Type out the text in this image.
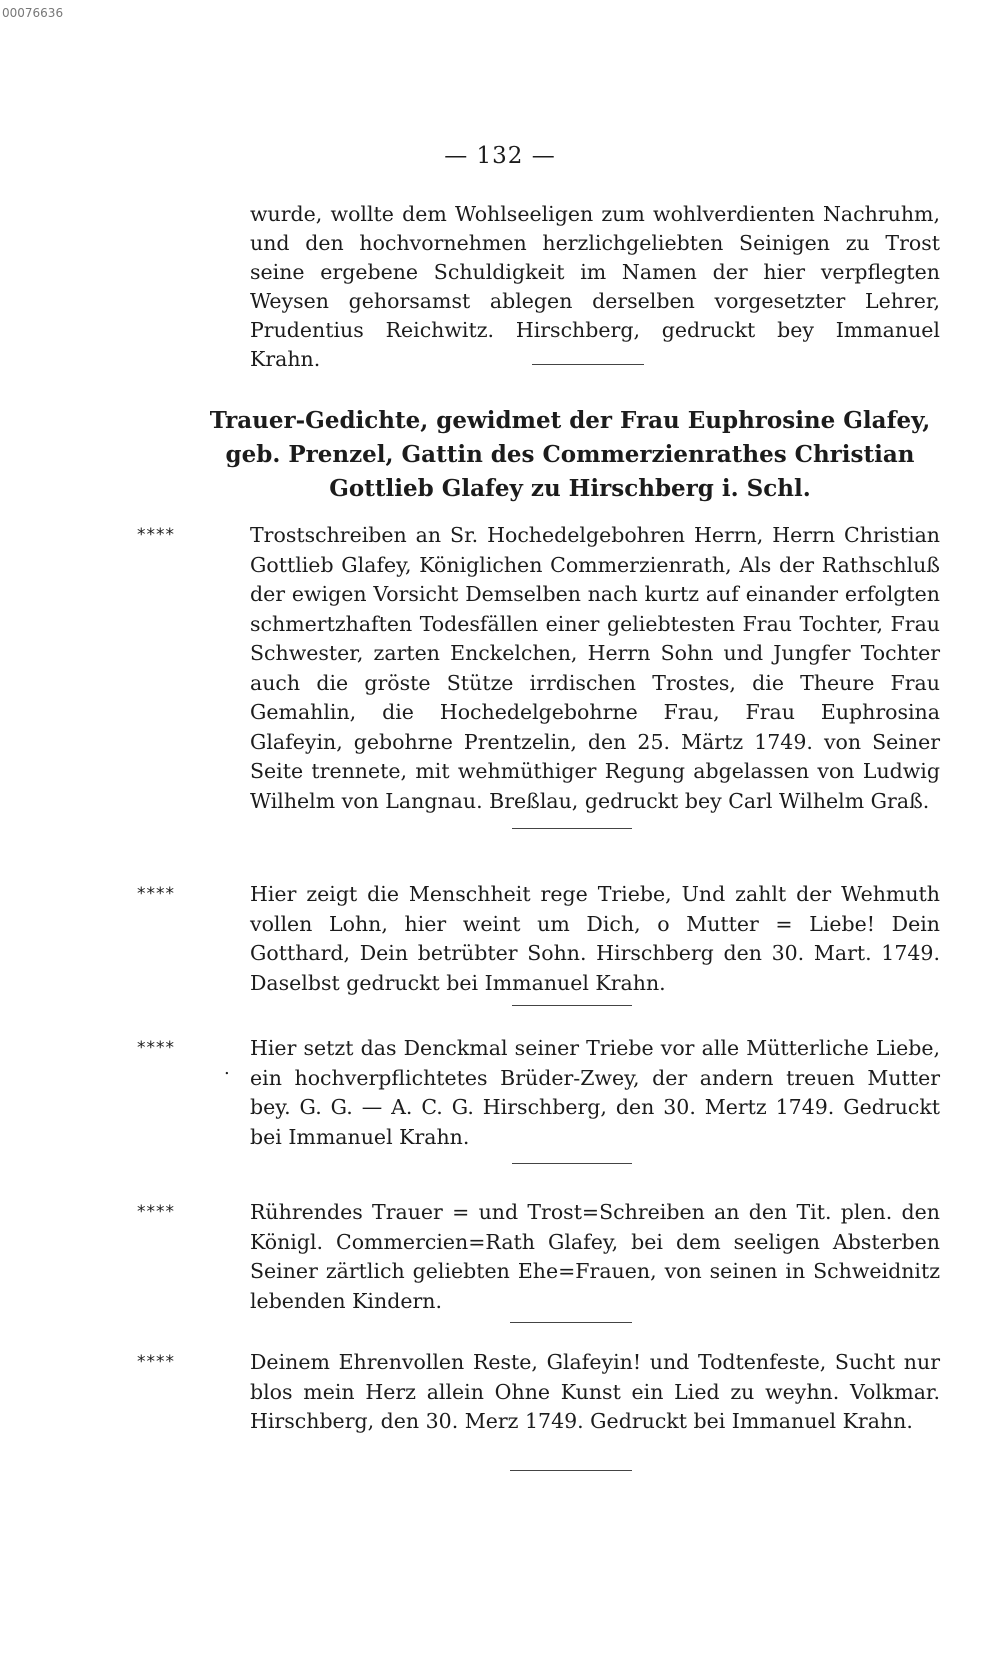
00076636
— 132 —
wurde, wollte dem Wohlseeligen zum wohlverdienten Nachruhm, und den hochvornehmen herzlichgeliebten Seinigen zu Trost seine ergebene Schuldigkeit im Namen der hier verpflegten Weysen gehorsamst ablegen derselben vorgesetzter Lehrer, Prudentius Reichwitz. Hirschberg, gedruckt bey Immanuel Krahn.
Trauer-Gedichte, gewidmet der Frau Euphrosine Glafey, geb. Prenzel, Gattin des Commerzienrathes Christian Gottlieb Glafey zu Hirschberg i. Schl.
****	Trostschreiben an Sr. Hochedelgebohren Herrn, Herrn Christian Gottlieb Glafey, Königlichen Commerzienrath, Als der Rathschluß der ewigen Vorsicht Demselben nach kurtz auf einander erfolgten schmertzhaften Todesfällen einer geliebtesten Frau Tochter, Frau Schwester, zarten Enckelchen, Herrn Sohn und Jungfer Tochter auch die gröste Stütze irrdischen Trostes, die Theure Frau Gemahlin, die Hochedelgebohrne Frau, Frau Euphrosina Glafeyin, gebohrne Prentzelin, den 25. Märtz 1749. von Seiner Seite trennete, mit wehmüthiger Regung abgelassen von Ludwig Wilhelm von Langnau. Breßlau, gedruckt bey Carl Wilhelm Graß.
****	Hier zeigt die Menschheit rege Triebe, Und zahlt der Wehmuth vollen Lohn, hier weint um Dich, o Mutter = Liebe! Dein Gotthard, Dein betrübter Sohn. Hirschberg den 30. Mart. 1749. Daselbst gedruckt bei Immanuel Krahn.
****	Hier setzt das Denckmal seiner Triebe vor alle Mütterliche Liebe, ein hochverpflichtetes Brüder-Zwey, der andern treuen Mutter bey. G. G. — A. C. G. Hirschberg, den 30. Mertz 1749. Gedruckt bei Immanuel Krahn.
.
****	Rührendes Trauer = und Trost=Schreiben an den Tit. plen. den Königl. Commercien=Rath Glafey, bei dem seeligen Absterben Seiner zärtlich geliebten Ehe=Frauen, von seinen in Schweidnitz lebenden Kindern.
****	Deinem Ehrenvollen Reste, Glafeyin! und Todtenfeste, Sucht nur blos mein Herz allein Ohne Kunst ein Lied zu weyhn. Volkmar. Hirschberg, den 30. Merz 1749. Gedruckt bei Immanuel Krahn.
